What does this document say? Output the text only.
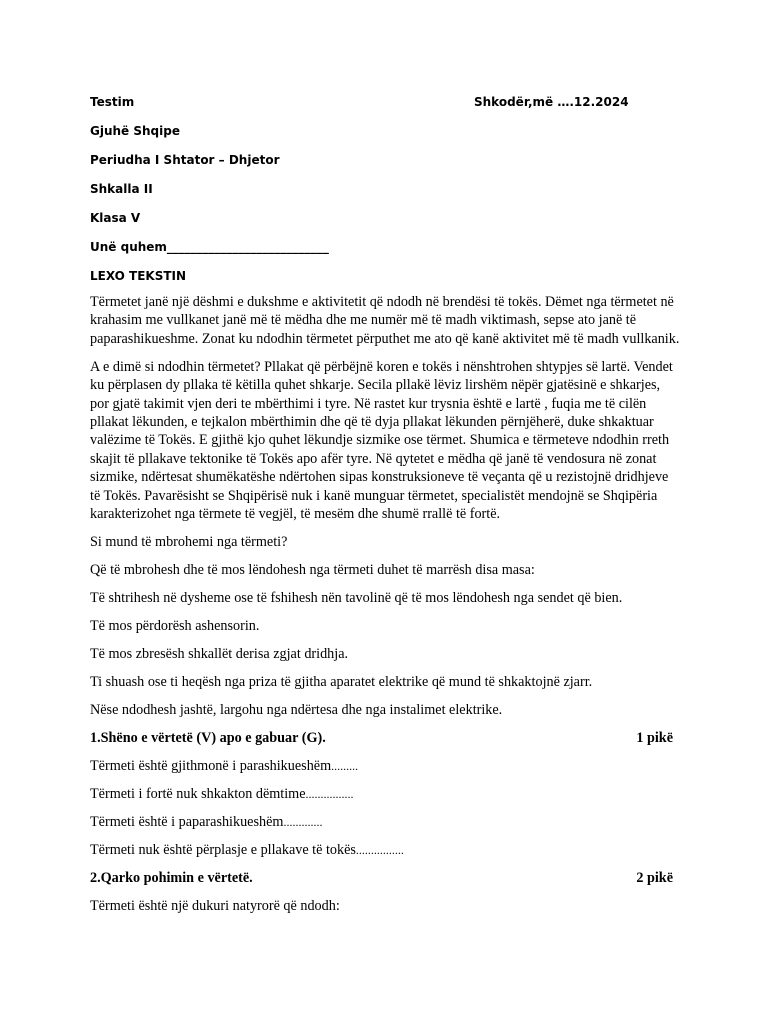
Testim	Shkodër,më ….12.2024
Gjuhë Shqipe
Periudha I Shtator – Dhjetor
Shkalla II
Klasa V
Unë quhem___________________________
LEXO TEKSTIN

Tërmetet janë një dëshmi e dukshme e aktivitetit që ndodh në brendësi të tokës. Dëmet nga tërmetet në krahasim me vullkanet janë më të mëdha dhe me numër më të madh viktimash, sepse ato janë të paparashikueshme. Zonat ku ndodhin tërmetet përputhet me ato që kanë aktivitet më të madh vullkanik.

A e dimë si ndodhin tërmetet? Pllakat që përbëjnë koren e tokës i nënshtrohen shtypjes së lartë. Vendet ku përplasen dy pllaka të këtilla quhet shkarje. Secila pllakë lëviz lirshëm nëpër gjatësinë e shkarjes, por gjatë takimit vjen deri te mbërthimi i tyre. Në rastet kur trysnia është e lartë , fuqia me të cilën pllakat lëkunden, e tejkalon mbërthimin dhe që të dyja pllakat lëkunden përnjëherë, duke shkaktuar valëzime të Tokës. E gjithë kjo quhet lëkundje sizmike ose tërmet. Shumica e tërmeteve ndodhin rreth skajit të pllakave tektonike të Tokës apo afër tyre. Në qytetet e mëdha që janë të vendosura në zonat sizmike, ndërtesat shumëkatëshe ndërtohen sipas konstruksioneve të veçanta që u rezistojnë dridhjeve të Tokës. Pavarësisht se Shqipërisë nuk i kanë munguar tërmetet, specialistët mendojnë se Shqipëria karakterizohet nga tërmete të vegjël, të mesëm dhe shumë rrallë të fortë.

Si mund të mbrohemi nga tërmeti?

Që të mbrohesh dhe të mos lëndohesh nga tërmeti duhet të marrësh disa masa:

Të shtrihesh në dysheme ose të fshihesh nën tavolinë që të mos lëndohesh nga sendet që bien.

Të mos përdorësh ashensorin.

Të mos zbresësh shkallët derisa zgjat dridhja.

Ti shuash ose ti heqësh nga priza të gjitha aparatet elektrike që mund të shkaktojnë zjarr.

Nëse ndodhesh jashtë, largohu nga ndërtesa dhe nga instalimet elektrike.

1.Shëno e vërtetë (V) apo e gabuar (G).	1 pikë

Tërmeti është gjithmonë i parashikueshëm.........

Tërmeti i fortë nuk shkakton dëmtime................

Tërmeti është i paparashikueshëm.............

Tërmeti nuk është përplasje e pllakave të tokës................

2.Qarko pohimin e vërtetë.	2 pikë

Tërmeti është një dukuri natyrorë që ndodh:
